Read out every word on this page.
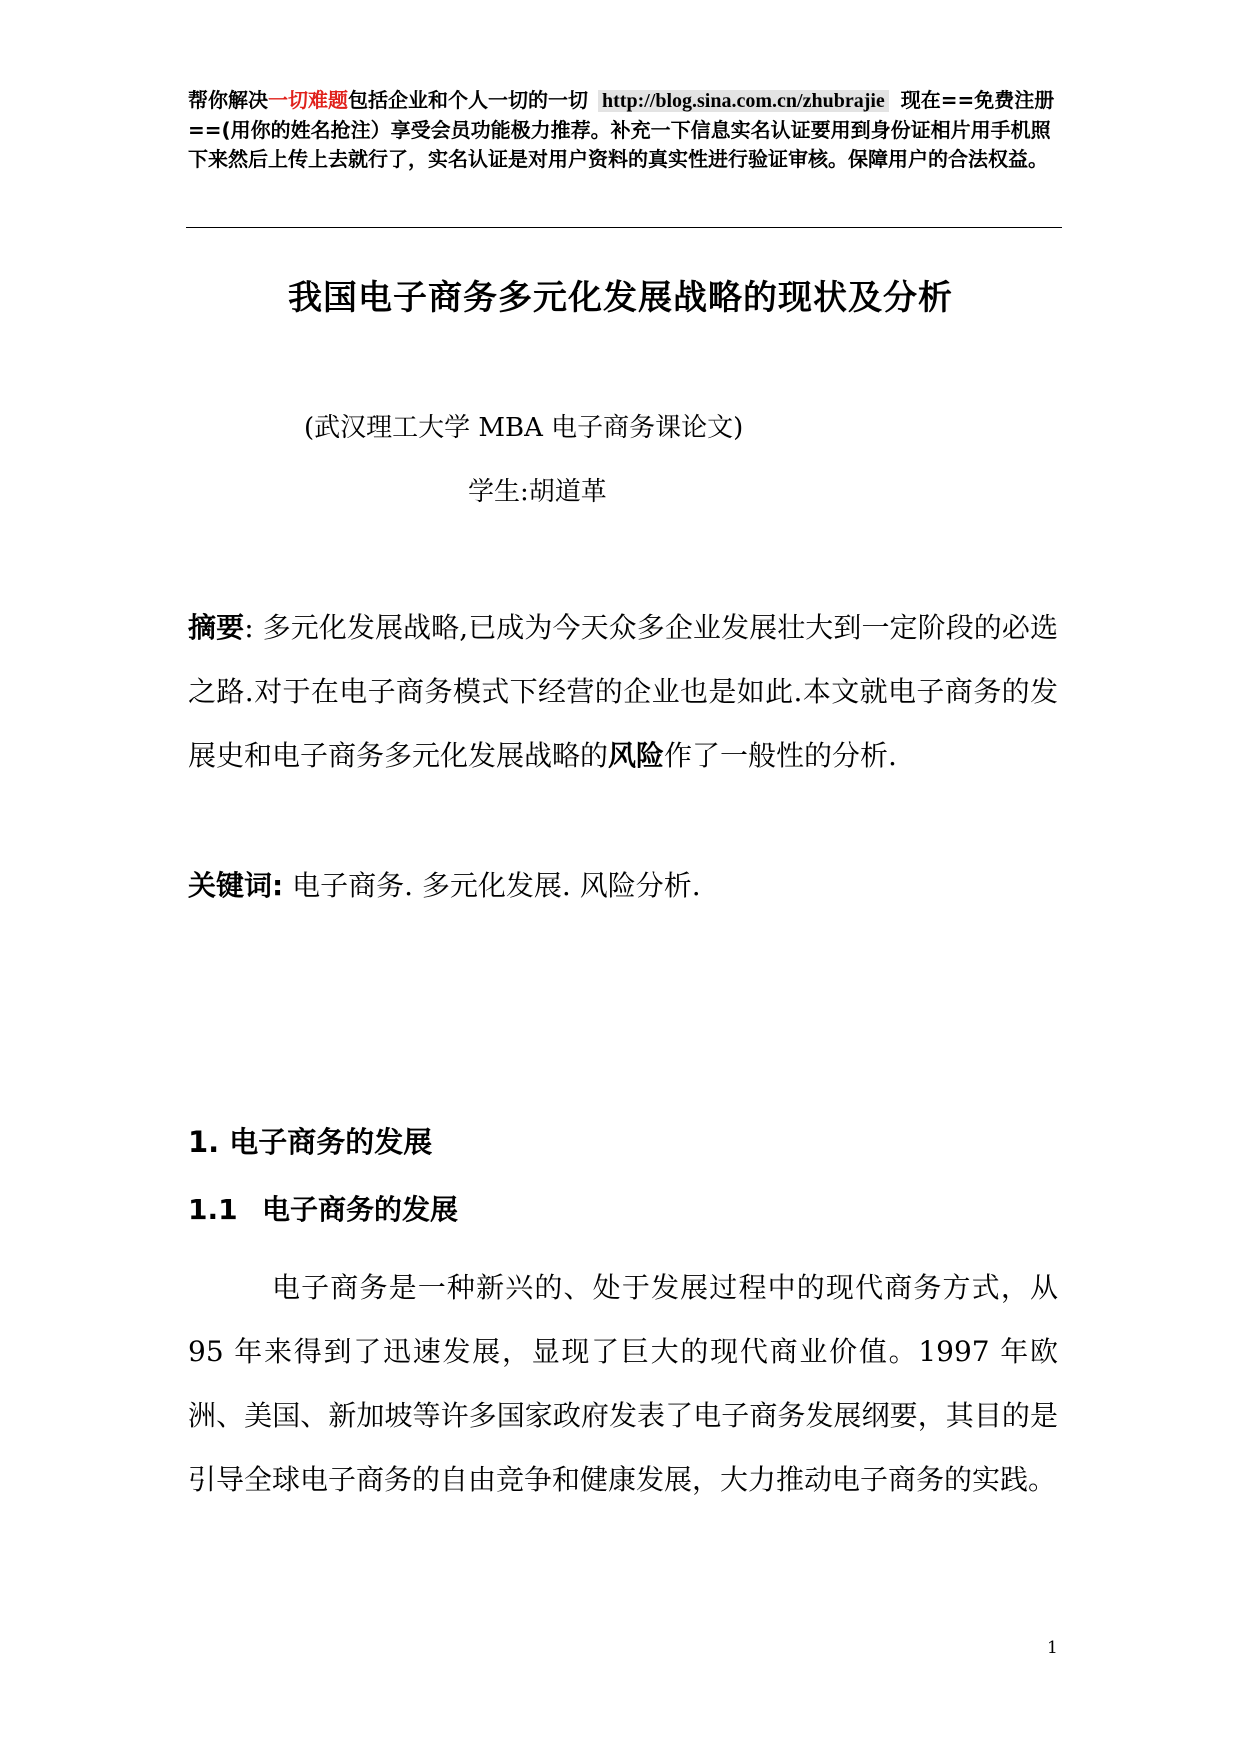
帮你解决一切难题包括企业和个人一切的一切 http://blog.sina.com.cn/zhubrajie 现在==免费注册==(用你的姓名抢注）享受会员功能极力推荐。补充一下信息实名认证要用到身份证相片用手机照下来然后上传上去就行了，实名认证是对用户资料的真实性进行验证审核。保障用户的合法权益。
我国电子商务多元化发展战略的现状及分析
(武汉理工大学 MBA 电子商务课论文)
学生:胡道革
摘要: 多元化发展战略,已成为今天众多企业发展壮大到一定阶段的必选之路.对于在电子商务模式下经营的企业也是如此.本文就电子商务的发展史和电子商务多元化发展战略的风险作了一般性的分析.
关键词: 电子商务. 多元化发展. 风险分析.
1. 电子商务的发展
1.1 电子商务的发展
电子商务是一种新兴的、处于发展过程中的现代商务方式，从 95 年来得到了迅速发展，显现了巨大的现代商业价值。1997 年欧洲、美国、新加坡等许多国家政府发表了电子商务发展纲要，其目的是引导全球电子商务的自由竞争和健康发展，大力推动电子商务的实践。
1
